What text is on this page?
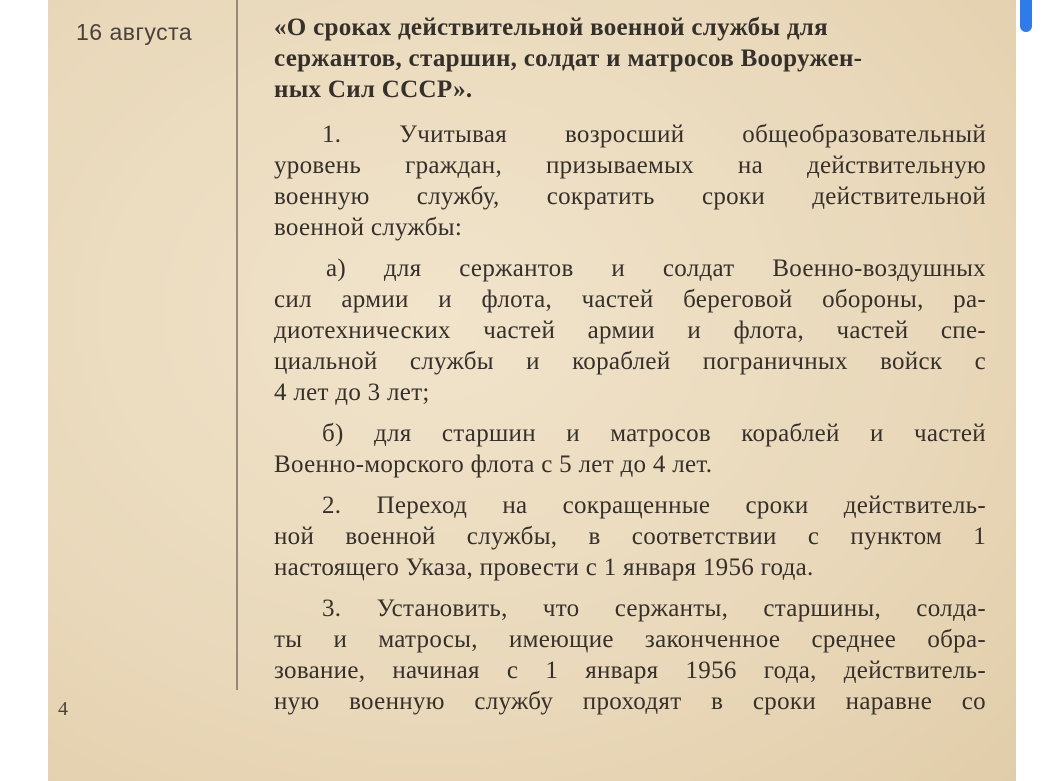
16 августа
4
«О сроках действительной военной службы для
сержантов, старшин, солдат и матросов Вооружен-
ных Сил СССР».
1. Учитывая возросший общеобразовательный
уровень граждан, призываемых на действительную
военную службу, сократить сроки действительной
военной службы:
а) для сержантов и солдат Военно-воздушных
сил армии и флота, частей береговой обороны, ра-
диотехнических частей армии и флота, частей спе-
циальной службы и кораблей пограничных войск с
4 лет до 3 лет;
б) для старшин и матросов кораблей и частей
Военно-морского флота с 5 лет до 4 лет.
2. Переход на сокращенные сроки действитель-
ной военной службы, в соответствии с пунктом 1
настоящего Указа, провести с 1 января 1956 года.
3. Установить, что сержанты, старшины, солда-
ты и матросы, имеющие законченное среднее обра-
зование, начиная с 1 января 1956 года, действитель-
ную военную службу проходят в сроки наравне со
